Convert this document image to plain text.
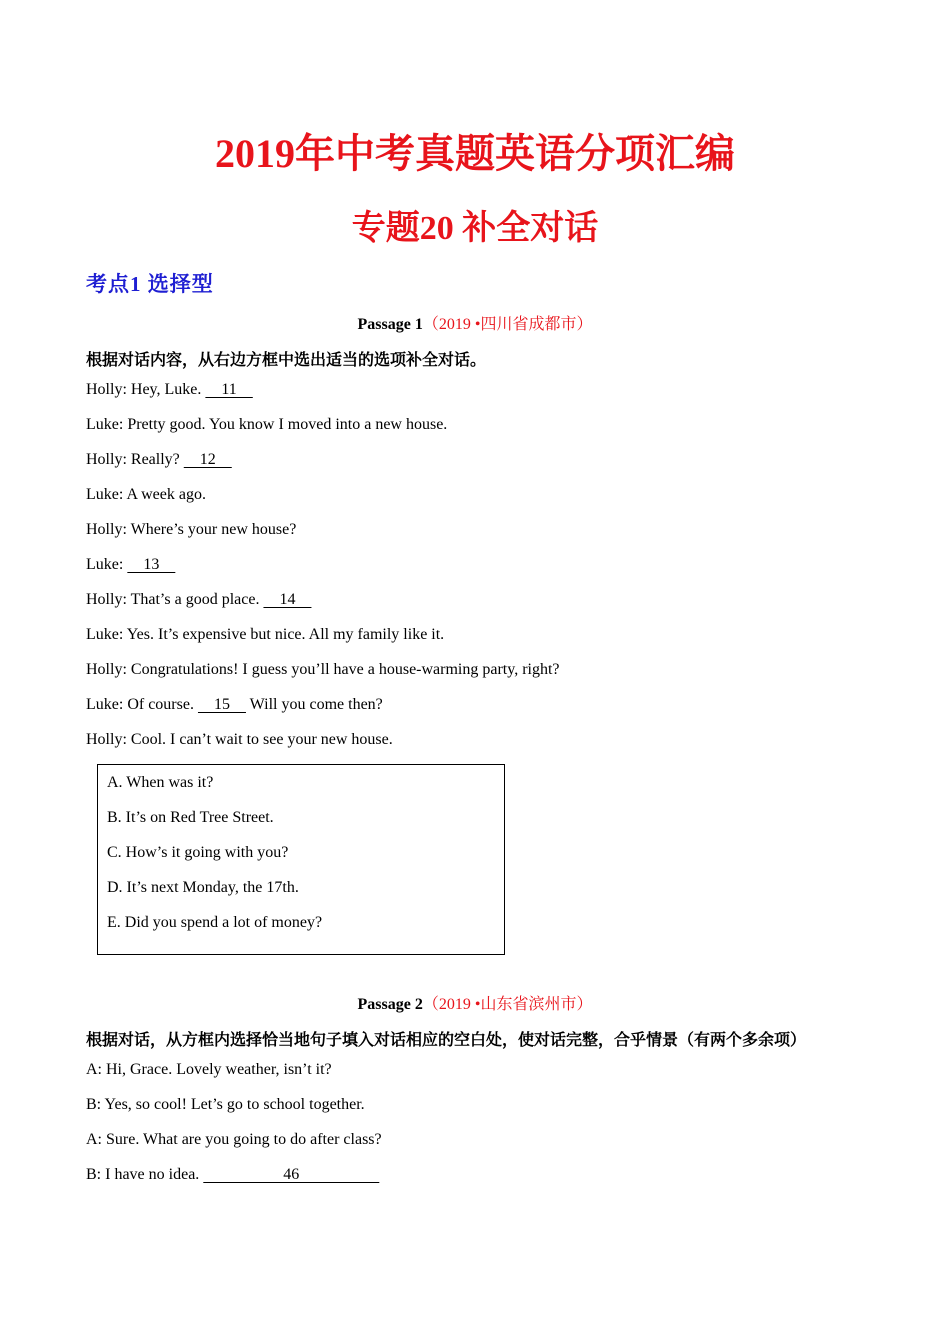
2019年中考真题英语分项汇编
专题20 补全对话
考点1 选择型
Passage 1（2019 •四川省成都市）
根据对话内容，从右边方框中选出适当的选项补全对话。
Holly: Hey, Luke.     11
Luke: Pretty good. You know I moved into a new house.
Holly: Really?     12
Luke: A week ago.
Holly: Where’s your new house?
Luke:     13
Holly: That’s a good place.     14
Luke: Yes. It’s expensive but nice. All my family like it.
Holly: Congratulations! I guess you’ll have a house-warming party, right?
Luke: Of course.     15     Will you come then?
Holly: Cool. I can’t wait to see your new house.
A. When was it?
B. It’s on Red Tree Street.
C. How’s it going with you?
D. It’s next Monday, the 17th.
E. Did you spend a lot of money?
Passage 2（2019 •山东省滨州市）
根据对话，从方框内选择恰当地句子填入对话相应的空白处，使对话完整，合乎情景（有两个多余项）
A: Hi, Grace. Lovely weather, isn’t it?
B: Yes, so cool! Let’s go to school together.
A: Sure. What are you going to do after class?
B: I have no idea.                     46
